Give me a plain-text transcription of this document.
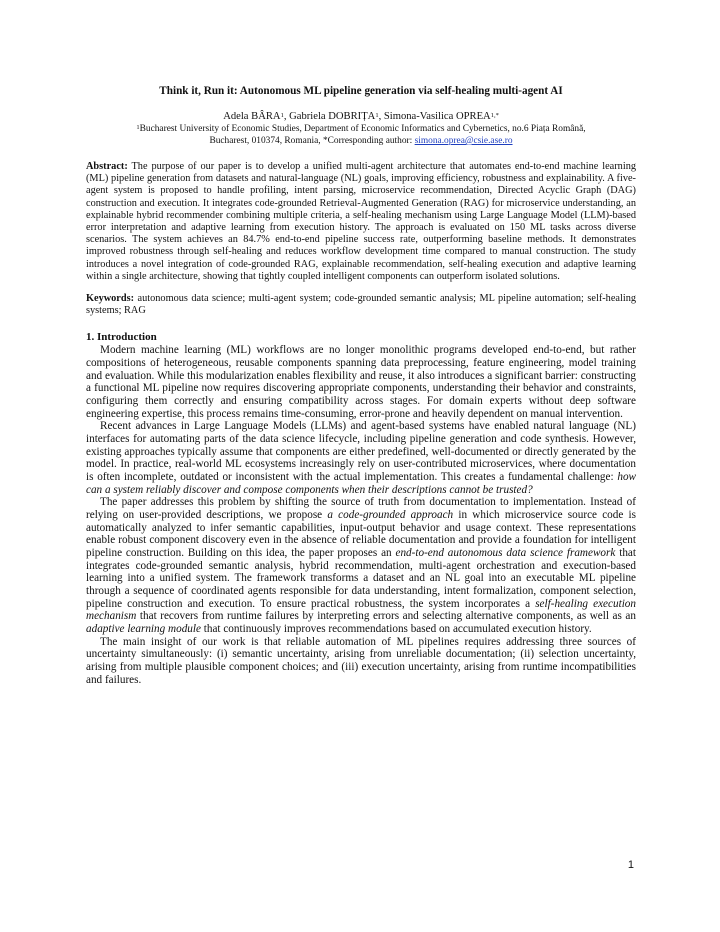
Think it, Run it: Autonomous ML pipeline generation via self-healing multi-agent AI
Adela BÂRA$^1$, Gabriela DOBRIȚA$^1$, Simona-Vasilica $OPREA^{1,*}$
$^1$Bucharest University of Economic Studies, Department of Economic Informatics and Cybernetics, no.6 Piața Română,
Bucharest, 010374, Romania, *Corresponding author: simona.oprea@csie.ase.ro
Abstract: The purpose of our paper is to develop a unified multi-agent architecture that automates end-to-end machine learning (ML) pipeline generation from datasets and natural-language (NL) goals, improving efficiency, robustness and explainability. A five-agent system is proposed to handle profiling, intent parsing, microservice recommendation, Directed Acyclic Graph (DAG) construction and execution. It integrates code-grounded Retrieval-Augmented Generation (RAG) for microservice understanding, an explainable hybrid recommender combining multiple criteria, a self-healing mechanism using Large Language Model (LLM)-based error interpretation and adaptive learning from execution history. The approach is evaluated on 150 ML tasks across diverse scenarios. The system achieves an 84.7% end-to-end pipeline success rate, outperforming baseline methods. It demonstrates improved robustness through self-healing and reduces workflow development time compared to manual construction. The study introduces a novel integration of code-grounded RAG, explainable recommendation, self-healing execution and adaptive learning within a single architecture, showing that tightly coupled intelligent components can outperform isolated solutions.
Keywords: autonomous data science; multi-agent system; code-grounded semantic analysis; ML pipeline automation; self-healing systems; RAG
1. Introduction

Modern machine learning (ML) workflows are no longer monolithic programs developed end-to-end, but rather compositions of heterogeneous, reusable components spanning data preprocessing, feature engineering, model training and evaluation. While this modularization enables flexibility and reuse, it also introduces a significant barrier: constructing a functional ML pipeline now requires discovering appropriate components, understanding their behavior and constraints, configuring them correctly and ensuring compatibility across stages. For domain experts without deep software engineering expertise, this process remains time-consuming, error-prone and heavily dependent on manual intervention.

Recent advances in Large Language Models (LLMs) and agent-based systems have enabled natural language (NL) interfaces for automating parts of the data science lifecycle, including pipeline generation and code synthesis. However, existing approaches typically assume that components are either predefined, well-documented or directly generated by the model. In practice, real-world ML ecosystems increasingly rely on user-contributed microservices, where documentation is often incomplete, outdated or inconsistent with the actual implementation. This creates a fundamental challenge: how can a system reliably discover and compose components when their descriptions cannot be trusted?

The paper addresses this problem by shifting the source of truth from documentation to implementation. Instead of relying on user-provided descriptions, we propose a code-grounded approach in which microservice source code is automatically analyzed to infer semantic capabilities, input-output behavior and usage context. These representations enable robust component discovery even in the absence of reliable documentation and provide a foundation for intelligent pipeline construction. Building on this idea, the paper proposes an end-to-end autonomous data science framework that integrates code-grounded semantic analysis, hybrid recommendation, multi-agent orchestration and execution-based learning into a unified system. The framework transforms a dataset and an NL goal into an executable ML pipeline through a sequence of coordinated agents responsible for data understanding, intent formalization, component selection, pipeline construction and execution. To ensure practical robustness, the system incorporates a self-healing execution mechanism that recovers from runtime failures by interpreting errors and selecting alternative components, as well as an adaptive learning module that continuously improves recommendations based on accumulated execution history.

The main insight of our work is that reliable automation of ML pipelines requires addressing three sources of uncertainty simultaneously: (i) semantic uncertainty, arising from unreliable documentation; (ii) selection uncertainty, arising from multiple plausible component choices; and (iii) execution uncertainty, arising from runtime incompatibilities and failures.

1
